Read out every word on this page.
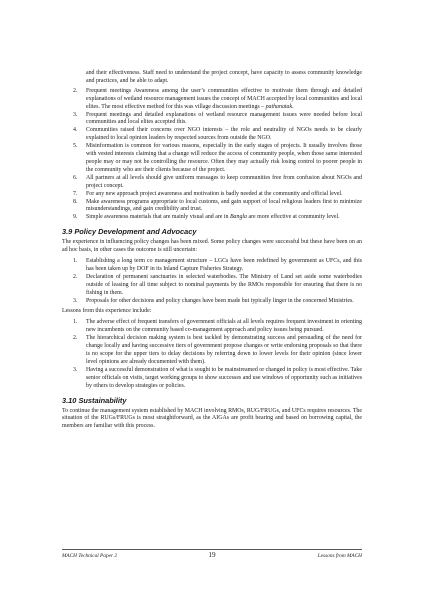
and their effectiveness. Staff need to understand the project concept, have capacity to assess community knowledge and practices, and be able to adapt.

2. Frequent meetings Awareness among the user’s communities effective to motivate them through and detailed explanations of wetland resource management issues the concept of MACH accepted by local communities and local elites. The most effective method for this was village discussion meetings – pathanatak.
3. Frequent meetings and detailed explanations of wetland resource management issues were needed before local communities and local elites accepted this.
4. Communities raised their concerns over NGO interests – the role and neutrality of NGOs needs to be clearly explained to local opinion leaders by respected sources from outside the NGO.
5. Misinformation is common for various reasons, especially in the early stages of projects. It usually involves those with vested interests claiming that a change will reduce the access of community people, when those same interested people may or may not be controlling the resource. Often they may actually risk losing control to poorer people in the community who are their clients because of the project.
6. All partners at all levels should give uniform messages to keep communities free from confusion about NGOs and project concept.
7. For any new approach project awareness and motivation is badly needed at the community and official level.
8. Make awareness programs appropriate to local customs, and gain support of local religious leaders first to minimize misunderstandings, and gain credibility and trust.
9. Simple awareness materials that are mainly visual and are in Bangla are more effective at community level.
3.9 Policy Development and Advocacy

The experience in influencing policy changes has been mixed. Some policy changes were successful but these have been on an ad hoc basis, in other cases the outcome is still uncertain:

1. Establishing a long term co management structure – LGCs have been redefined by government as UFCs, and this has been taken up by DOF in its Inland Capture Fisheries Strategy.
2. Declaration of permanent sanctuaries in selected waterbodies. The Ministry of Land set aside some waterbodies outside of leasing for all time subject to nominal payments by the RMOs responsible for ensuring that there is no fishing in them.
3. Proposals for other decisions and policy changes have been made but typically linger in the concerned Ministries.

Lessons from this experience include:

1. The adverse effect of frequent transfers of government officials at all levels requires frequent investment in orienting new incumbents on the community based co-management approach and policy issues being pursued.
2. The hierarchical decision making system is best tackled by demonstrating success and persuading of the need for change locally and having successive tiers of government propose changes or write endorsing proposals so that there is no scope for the upper tiers to delay decisions by referring down to lower levels for their opinion (since lower level opinions are already documented with them).
3. Having a successful demonstration of what is sought to be mainstreamed or changed in policy is most effective. Take senior officials on visits, target working groups to show successes and use windows of opportunity such as initiatives by others to develop strategies or policies.
3.10 Sustainability

To continue the management system established by MACH involving RMOs, RUG/FRUGs, and UFCs requires resources. The situation of the RUGs/FRUGs is most straightforward, as the AIGAs are profit bearing and based on borrowing capital, the members are familiar with this process.

MACH Technical Paper 2	19	Lessons from MACH
